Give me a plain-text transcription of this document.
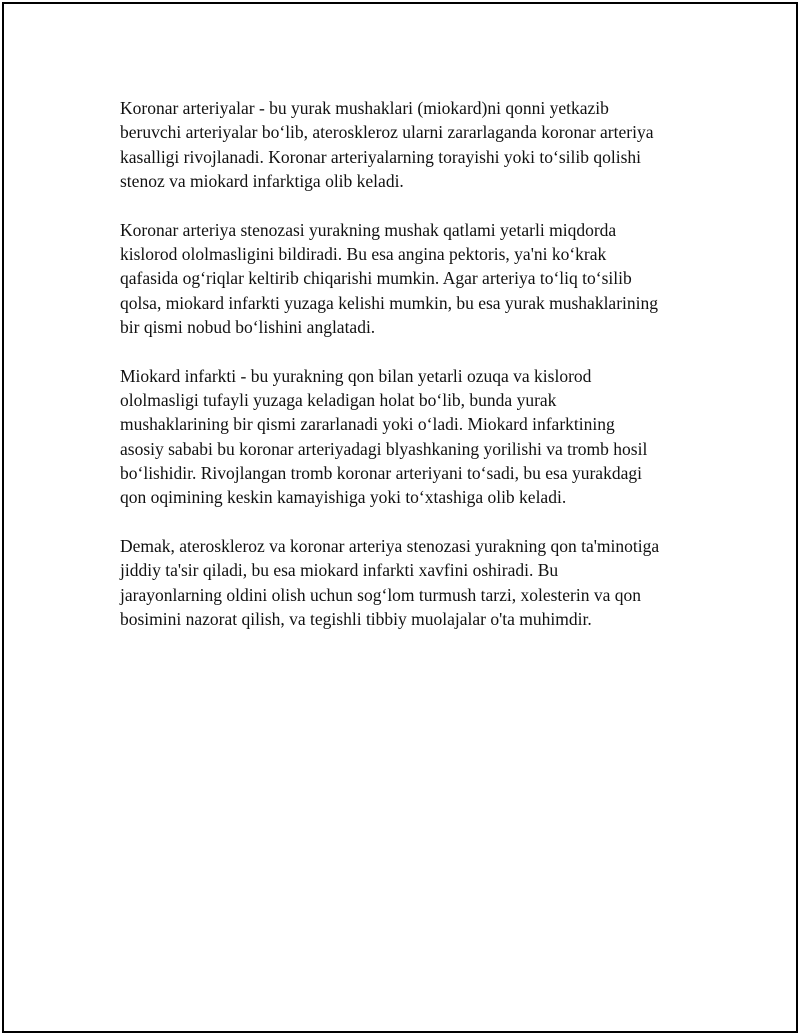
Koronar arteriyalar - bu yurak mushaklari (miokard)ni qonni yetkazib
beruvchi arteriyalar bo‘lib, ateroskleroz ularni zararlaganda koronar arteriya
kasalligi rivojlanadi. Koronar arteriyalarning torayishi yoki to‘silib qolishi
stenoz va miokard infarktiga olib keladi.

Koronar arteriya stenozasi yurakning mushak qatlami yetarli miqdorda
kislorod ololmasligini bildiradi. Bu esa angina pektoris, ya'ni ko‘krak
qafasida og‘riqlar keltirib chiqarishi mumkin. Agar arteriya to‘liq to‘silib
qolsa, miokard infarkti yuzaga kelishi mumkin, bu esa yurak mushaklarining
bir qismi nobud bo‘lishini anglatadi.

Miokard infarkti - bu yurakning qon bilan yetarli ozuqa va kislorod
ololmasligi tufayli yuzaga keladigan holat bo‘lib, bunda yurak
mushaklarining bir qismi zararlanadi yoki o‘ladi. Miokard infarktining
asosiy sababi bu koronar arteriyadagi blyashkaning yorilishi va tromb hosil
bo‘lishidir. Rivojlangan tromb koronar arteriyani to‘sadi, bu esa yurakdagi
qon oqimining keskin kamayishiga yoki to‘xtashiga olib keladi.

Demak, ateroskleroz va koronar arteriya stenozasi yurakning qon ta'minotiga
jiddiy ta'sir qiladi, bu esa miokard infarkti xavfini oshiradi. Bu
jarayonlarning oldini olish uchun sog‘lom turmush tarzi, xolesterin va qon
bosimini nazorat qilish, va tegishli tibbiy muolajalar o'ta muhimdir.
